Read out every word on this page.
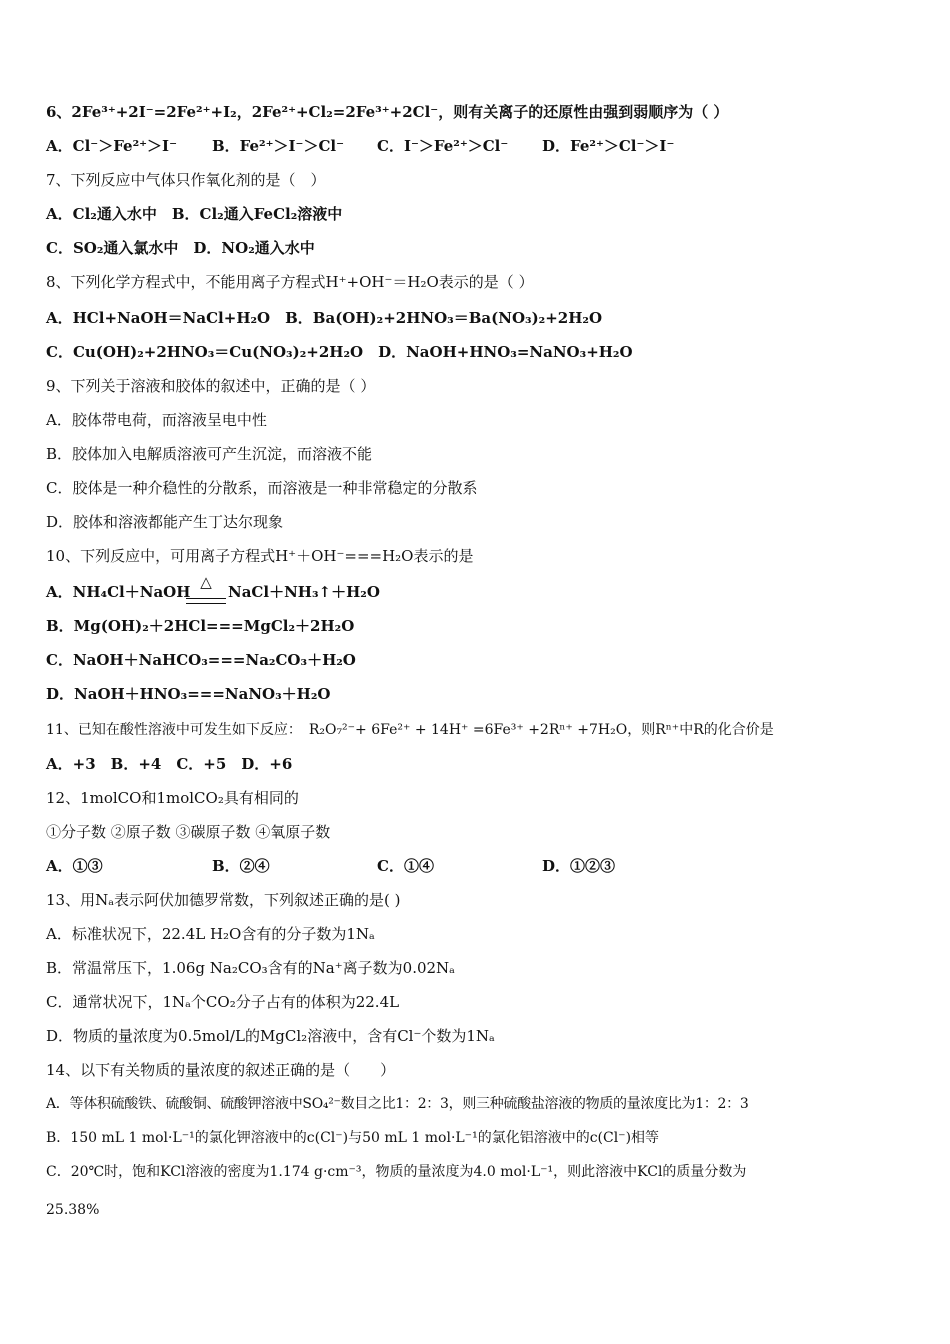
6、2Fe³⁺+2I⁻=2Fe²⁺+I₂，2Fe²⁺+Cl₂=2Fe³⁺+2Cl⁻，则有关离子的还原性由强到弱顺序为（ ）
A．Cl⁻＞Fe²⁺＞I⁻ B．Fe²⁺＞I⁻＞Cl⁻ C．I⁻＞Fe²⁺＞Cl⁻ D．Fe²⁺＞Cl⁻＞I⁻
7、下列反应中气体只作氧化剂的是（　）
A．Cl₂通入水中　B．Cl₂通入FeCl₂溶液中
C．SO₂通入氯水中　D．NO₂通入水中
8、下列化学方程式中，不能用离子方程式H⁺+OH⁻＝H₂O表示的是（ ）
A．HCl+NaOH＝NaCl+H₂O　B．Ba(OH)₂+2HNO₃＝Ba(NO₃)₂+2H₂O
C．Cu(OH)₂+2HNO₃＝Cu(NO₃)₂+2H₂O　D．NaOH+HNO₃=NaNO₃+H₂O
9、下列关于溶液和胶体的叙述中，正确的是（ ）
A．胶体带电荷，而溶液呈电中性
B．胶体加入电解质溶液可产生沉淀，而溶液不能
C．胶体是一种介稳性的分散系，而溶液是一种非常稳定的分散系
D．胶体和溶液都能产生丁达尔现象
10、下列反应中，可用离子方程式H⁺＋OH⁻===H₂O表示的是
A．NH₄Cl＋NaOH
△
NaCl＋NH₃↑＋H₂O
B．Mg(OH)₂＋2HCl===MgCl₂＋2H₂O
C．NaOH＋NaHCO₃===Na₂CO₃＋H₂O
D．NaOH＋HNO₃===NaNO₃＋H₂O
11、已知在酸性溶液中可发生如下反应：　R₂O₇²⁻+ 6Fe²⁺ + 14H⁺ =6Fe³⁺ +2Rⁿ⁺ +7H₂O，则Rⁿ⁺中R的化合价是
A．+3　B．+4　C．+5　D．+6
12、1molCO和1molCO₂具有相同的
①分子数 ②原子数 ③碳原子数 ④氧原子数
A．①③	B．②④	C．①④	D．①②③
13、用Nₐ表示阿伏加德罗常数，下列叙述正确的是( )
A．标准状况下，22.4L H₂O含有的分子数为1Nₐ
B．常温常压下，1.06g Na₂CO₃含有的Na⁺离子数为0.02Nₐ
C．通常状况下，1Nₐ个CO₂分子占有的体积为22.4L
D．物质的量浓度为0.5mol/L的MgCl₂溶液中，含有Cl⁻个数为1Nₐ
14、以下有关物质的量浓度的叙述正确的是（　　）
A．等体积硫酸铁、硫酸铜、硫酸钾溶液中SO₄²⁻数目之比1：2：3，则三种硫酸盐溶液的物质的量浓度比为1：2：3
B．150 mL 1 mol·L⁻¹的氯化钾溶液中的c(Cl⁻)与50 mL 1 mol·L⁻¹的氯化铝溶液中的c(Cl⁻)相等
C．20℃时，饱和KCl溶液的密度为1.174 g·cm⁻³，物质的量浓度为4.0 mol·L⁻¹，则此溶液中KCl的质量分数为
25.38%
